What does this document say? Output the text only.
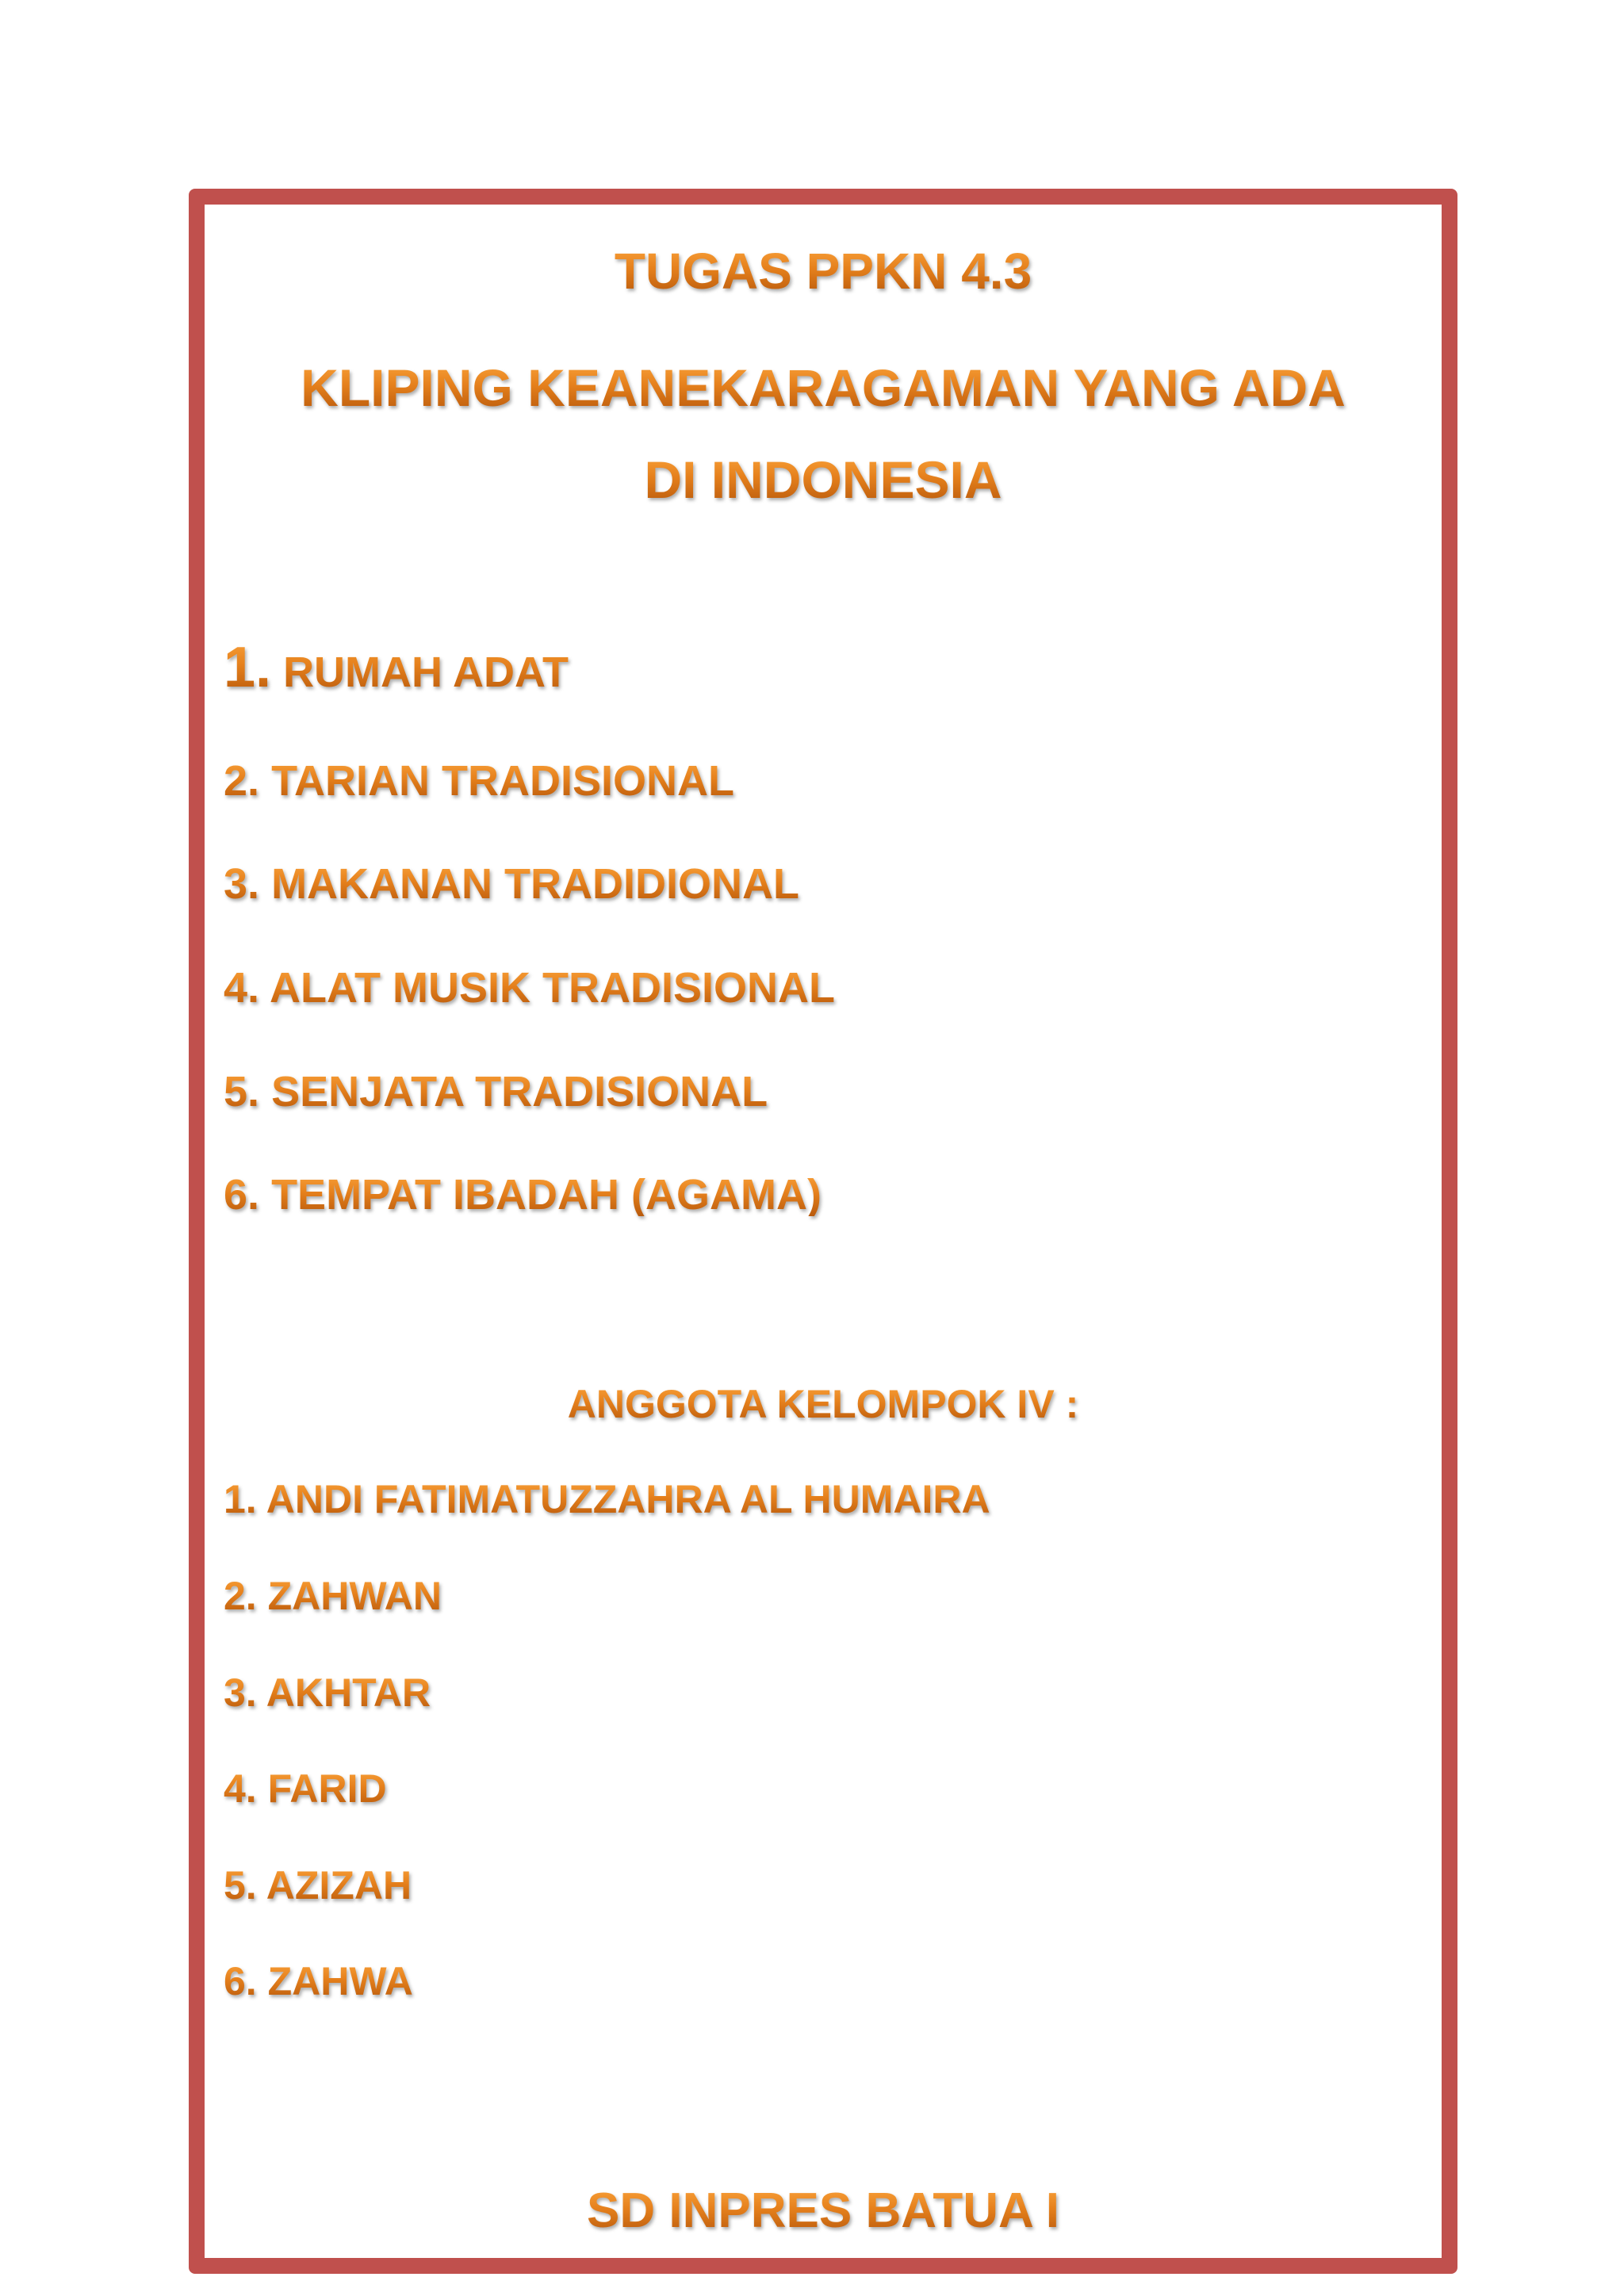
TUGAS PPKN 4.3
KLIPING KEANEKARAGAMAN YANG ADA
DI INDONESIA

1. RUMAH ADAT

2. TARIAN TRADISIONAL

3. MAKANAN TRADIDIONAL

4. ALAT MUSIK TRADISIONAL

5. SENJATA TRADISIONAL

6. TEMPAT IBADAH (AGAMA)

ANGGOTA KELOMPOK IV :

1. ANDI FATIMATUZZAHRA AL HUMAIRA

2. ZAHWAN

3. AKHTAR

4. FARID

5. AZIZAH

6. ZAHWA

SD INPRES BATUA I
